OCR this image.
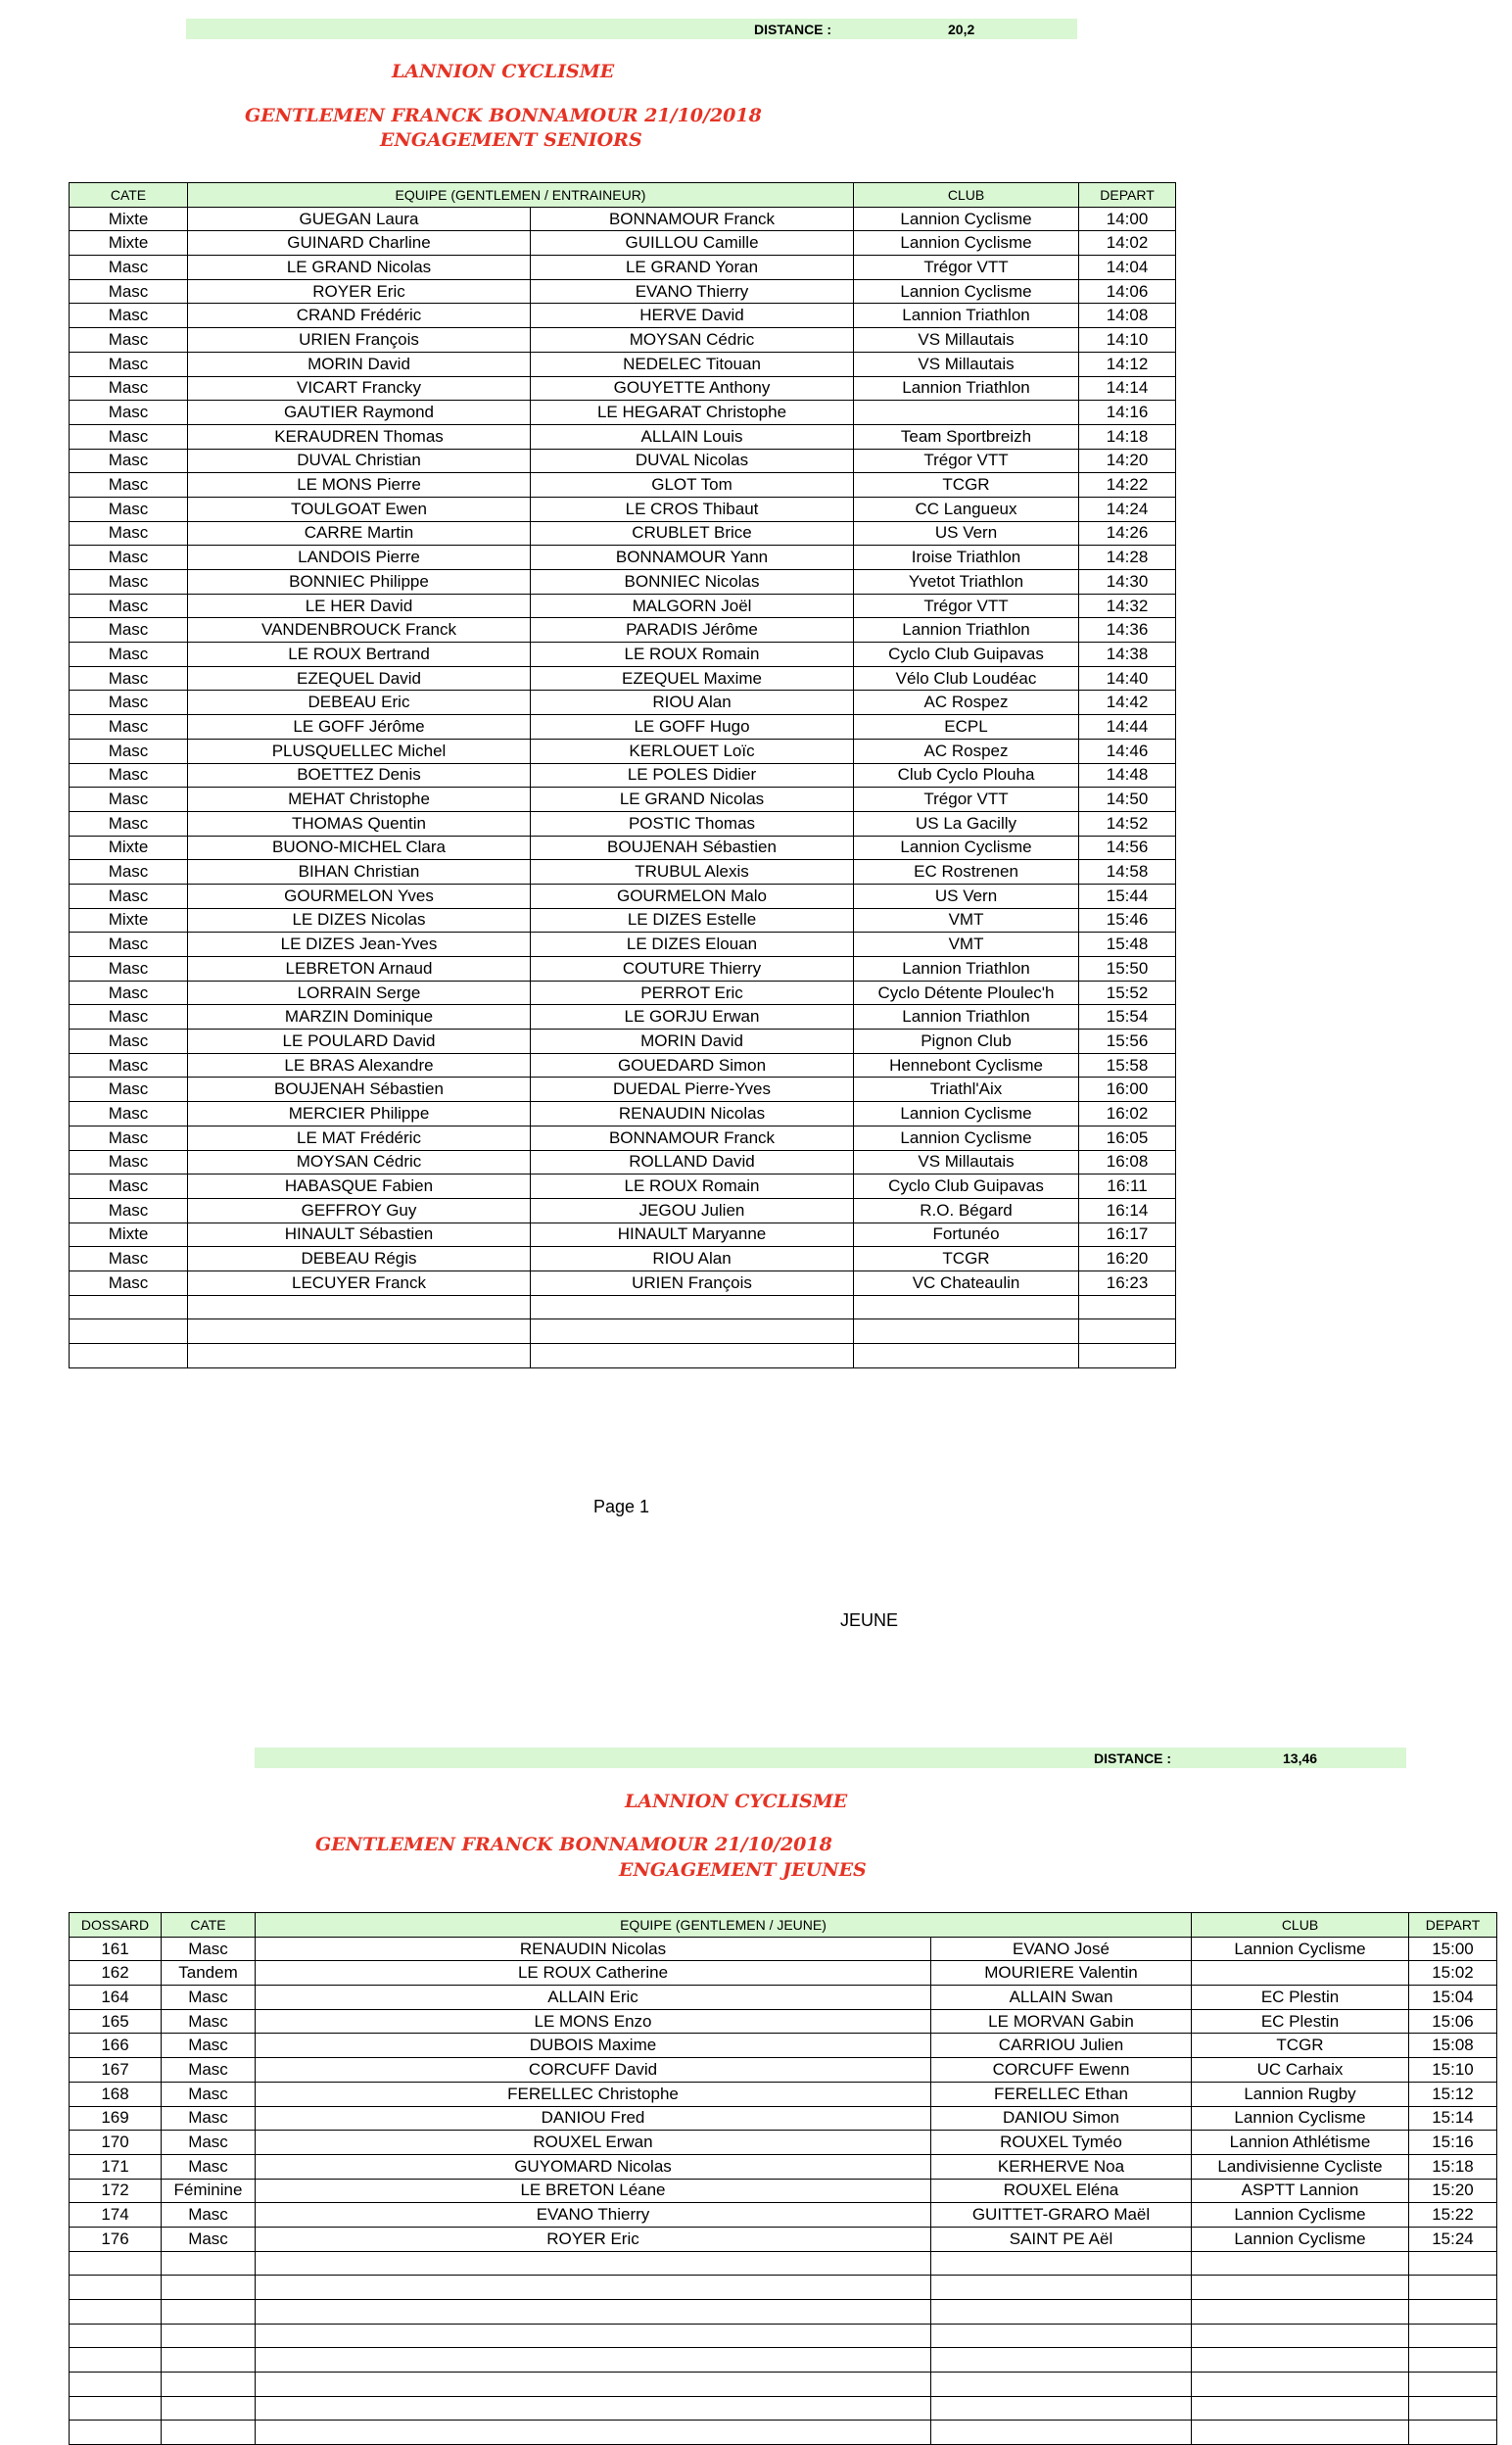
DISTANCE :	20,2
LANNION CYCLISME
GENTLEMEN FRANCK BONNAMOUR 21/10/2018
ENGAGEMENT SENIORS
CATE	EQUIPE (GENTLEMEN / ENTRAINEUR)		CLUB	DEPART
Mixte	GUEGAN Laura	BONNAMOUR Franck	Lannion Cyclisme	14:00
Mixte	GUINARD Charline	GUILLOU Camille	Lannion Cyclisme	14:02
Masc	LE GRAND Nicolas	LE GRAND Yoran	Trégor VTT	14:04
Masc	ROYER Eric	EVANO Thierry	Lannion Cyclisme	14:06
Masc	CRAND Frédéric	HERVE David	Lannion Triathlon	14:08
Masc	URIEN François	MOYSAN Cédric	VS Millautais	14:10
Masc	MORIN David	NEDELEC Titouan	VS Millautais	14:12
Masc	VICART Francky	GOUYETTE Anthony	Lannion Triathlon	14:14
Masc	GAUTIER Raymond	LE HEGARAT Christophe		14:16
Masc	KERAUDREN Thomas	ALLAIN Louis	Team Sportbreizh	14:18
Masc	DUVAL Christian	DUVAL Nicolas	Trégor VTT	14:20
Masc	LE MONS Pierre	GLOT Tom	TCGR	14:22
Masc	TOULGOAT Ewen	LE CROS Thibaut	CC Langueux	14:24
Masc	CARRE Martin	CRUBLET Brice	US Vern	14:26
Masc	LANDOIS Pierre	BONNAMOUR Yann	Iroise Triathlon	14:28
Masc	BONNIEC Philippe	BONNIEC Nicolas	Yvetot Triathlon	14:30
Masc	LE HER David	MALGORN Joël	Trégor VTT	14:32
Masc	VANDENBROUCK Franck	PARADIS Jérôme	Lannion Triathlon	14:36
Masc	LE ROUX Bertrand	LE ROUX Romain	Cyclo Club Guipavas	14:38
Masc	EZEQUEL David	EZEQUEL Maxime	Vélo Club Loudéac	14:40
Masc	DEBEAU Eric	RIOU Alan	AC Rospez	14:42
Masc	LE GOFF Jérôme	LE GOFF Hugo	ECPL	14:44
Masc	PLUSQUELLEC Michel	KERLOUET Loïc	AC Rospez	14:46
Masc	BOETTEZ Denis	LE POLES Didier	Club Cyclo Plouha	14:48
Masc	MEHAT Christophe	LE GRAND Nicolas	Trégor VTT	14:50
Masc	THOMAS Quentin	POSTIC Thomas	US La Gacilly	14:52
Mixte	BUONO-MICHEL Clara	BOUJENAH Sébastien	Lannion Cyclisme	14:56
Masc	BIHAN Christian	TRUBUL Alexis	EC Rostrenen	14:58
Masc	GOURMELON Yves	GOURMELON Malo	US Vern	15:44
Mixte	LE DIZES Nicolas	LE DIZES Estelle	VMT	15:46
Masc	LE DIZES Jean-Yves	LE DIZES Elouan	VMT	15:48
Masc	LEBRETON Arnaud	COUTURE Thierry	Lannion Triathlon	15:50
Masc	LORRAIN Serge	PERROT Eric	Cyclo Détente Ploulec'h	15:52
Masc	MARZIN Dominique	LE GORJU Erwan	Lannion Triathlon	15:54
Masc	LE POULARD David	MORIN David	Pignon Club	15:56
Masc	LE BRAS Alexandre	GOUEDARD Simon	Hennebont Cyclisme	15:58
Masc	BOUJENAH Sébastien	DUEDAL Pierre-Yves	Triathl'Aix	16:00
Masc	MERCIER Philippe	RENAUDIN Nicolas	Lannion Cyclisme	16:02
Masc	LE MAT Frédéric	BONNAMOUR Franck	Lannion Cyclisme	16:05
Masc	MOYSAN Cédric	ROLLAND David	VS Millautais	16:08
Masc	HABASQUE Fabien	LE ROUX Romain	Cyclo Club Guipavas	16:11
Masc	GEFFROY Guy	JEGOU Julien	R.O. Bégard	16:14
Mixte	HINAULT Sébastien	HINAULT Maryanne	Fortunéo	16:17
Masc	DEBEAU Régis	RIOU Alan	TCGR	16:20
Masc	LECUYER Franck	URIEN François	VC Chateaulin	16:23

Page 1
JEUNE
DISTANCE :	13,46
LANNION CYCLISME
GENTLEMEN FRANCK BONNAMOUR 21/10/2018
ENGAGEMENT JEUNES
DOSSARD	CATE	EQUIPE (GENTLEMEN / JEUNE)		CLUB	DEPART
161	Masc	RENAUDIN Nicolas	EVANO José	Lannion Cyclisme	15:00
162	Tandem	LE ROUX Catherine	MOURIERE Valentin		15:02
164	Masc	ALLAIN Eric	ALLAIN Swan	EC Plestin	15:04
165	Masc	LE MONS Enzo	LE MORVAN Gabin	EC Plestin	15:06
166	Masc	DUBOIS Maxime	CARRIOU Julien	TCGR	15:08
167	Masc	CORCUFF David	CORCUFF Ewenn	UC Carhaix	15:10
168	Masc	FERELLEC Christophe	FERELLEC Ethan	Lannion Rugby	15:12
169	Masc	DANIOU Fred	DANIOU Simon	Lannion Cyclisme	15:14
170	Masc	ROUXEL Erwan	ROUXEL Tyméo	Lannion Athlétisme	15:16
171	Masc	GUYOMARD Nicolas	KERHERVE Noa	Landivisienne Cycliste	15:18
172	Féminine	LE BRETON Léane	ROUXEL Eléna	ASPTT Lannion	15:20
174	Masc	EVANO Thierry	GUITTET-GRARO Maël	Lannion Cyclisme	15:22
176	Masc	ROYER Eric	SAINT PE Aël	Lannion Cyclisme	15:24
